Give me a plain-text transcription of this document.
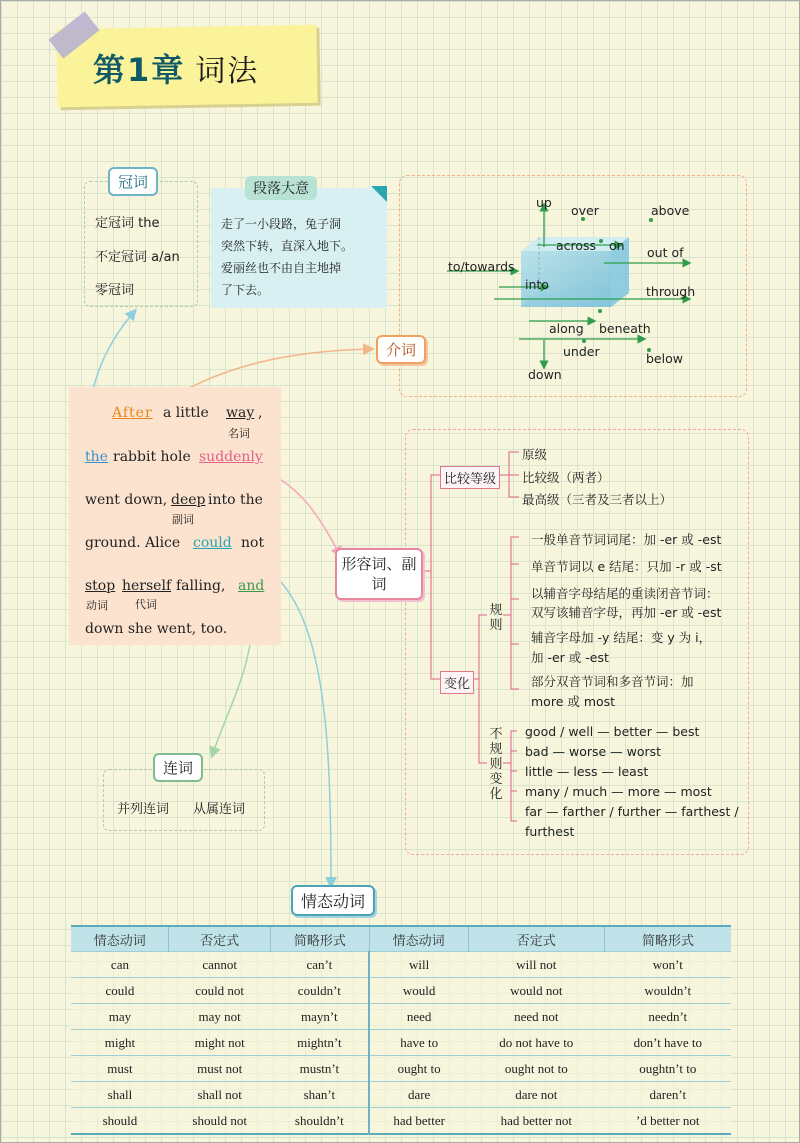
第1章 词法
冠词
定冠词 the
不定冠词 a/an
零冠词
段落大意
走了一小段路，兔子洞
突然下转，直深入地下。
爱丽丝也不由自主地掉
了下去。
up
over	above
across on out of
to/towards
into	through
along beneath
under	below
down
介词
After a little way ,
名词
the rabbit hole suddenly
went down, deep into the
副词
ground. Alice could not
stop herself falling, and
动词 代词
down she went, too.
形容词、副词
比较等级
原级
比较级（两者）
最高级（三者及三者以上）
变化
规则
一般单音节词词尾：加 -er 或 -est
单音节词以 e 结尾：只加 -r 或 -st
以辅音字母结尾的重读闭音节词：
双写该辅音字母，再加 -er 或 -est
辅音字母加 -y 结尾：变 y 为 i，
加 -er 或 -est
部分双音节词和多音节词：加
more 或 most
不规则变化
good / well — better — best
bad — worse — worst
little — less — least
many / much — more — most
far — farther / further — farthest /
furthest
连词
并列连词 从属连词
情态动词
情态动词	否定式	简略形式	情态动词	否定式	简略形式
can	cannot	can’t	will	will not	won’t
could	could not	couldn’t	would	would not	wouldn’t
may	may not	mayn’t	need	need not	needn’t
might	might not	mightn’t	have to	do not have to	don’t have to
must	must not	mustn’t	ought to	ought not to	oughtn’t to
shall	shall not	shan’t	dare	dare not	daren’t
should	should not	shouldn’t	had better	had better not	’d better not
